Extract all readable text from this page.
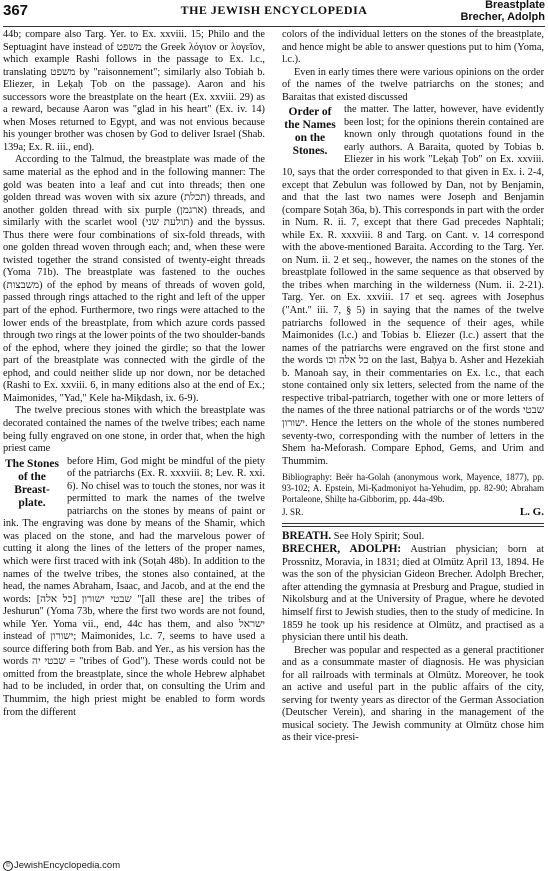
367	THE JEWISH ENCYCLOPEDIA	Breastplate
Brecher, Adolph

44b; compare also Targ. Yer. to Ex. xxviii. 15; Philo and the Septuagint have instead of משפט the Greek λόγιον or λογεῖον, which example Rashi follows in the passage to Ex. l.c., translating משפט by "raisonnement"; similarly also Tobiah b. Eliezer, in Leḳaḥ Ṭob on the passage). Aaron and his successors wore the breastplate on the heart (Ex. xxviii. 29) as a reward, because Aaron was "glad in his heart" (Ex. iv. 14) when Moses returned to Egypt, and was not envious because his younger brother was chosen by God to deliver Israel (Shab. 139a; Ex. R. iii., end).

According to the Talmud, the breastplate was made of the same material as the ephod and in the following manner: The gold was beaten into a leaf and cut into threads; then one golden thread was woven with six azure (תכלת) threads, and another golden thread with six purple (ארגמן) threads, and similarly with the scarlet wool (תולעת שני) and the byssus. Thus there were four combinations of six-fold threads, with one golden thread woven through each; and, when these were twisted together the strand consisted of twenty-eight threads (Yoma 71b). The breastplate was fastened to the ouches (משבצות) of the ephod by means of threads of woven gold, passed through rings attached to the right and left of the upper part of the ephod. Furthermore, two rings were attached to the lower ends of the breastplate, from which azure cords passed through two rings at the lower points of the two shoulder-bands of the ephod, where they joined the girdle; so that the lower part of the breastplate was connected with the girdle of the ephod, and could neither slide up nor down, nor be detached (Rashi to Ex. xxviii. 6, in many editions also at the end of Ex.; Maimonides, "Yad," Kele ha-Miḳdash, ix. 6-9).

The twelve precious stones with which the breastplate was decorated contained the names of the twelve tribes; each name being fully engraved on one stone, in order that, when the high priest came

The Stones of the Breast-plate.

before Him, God might be mindful of the piety of the patriarchs (Ex. R. xxxviii. 8; Lev. R. xxi. 6). No chisel was to touch the stones, nor was it permitted to mark the names of the twelve patriarchs on the stones by means of paint or ink. The engraving was done by means of the Shamir, which was placed on the stone, and had the marvelous power of cutting it along the lines of the letters of the proper names, which were first traced with ink (Soṭah 48b). In addition to the names of the twelve tribes, the stones also contained, at the head, the names Abraham, Isaac, and Jacob, and at the end the words: שבטי ישורון [כל אלה] "[all these are] the tribes of Jeshurun" (Yoma 73b, where the first two words are not found, while Yer. Yoma vii., end, 44c has them, and also ישראל instead of ישורון; Maimonides, l.c. 7, seems to have used a source differing both from Bab. and Yer., as his version has the words שבטי יה = "tribes of God"). These words could not be omitted from the breastplate, since the whole Hebrew alphabet had to be included, in order that, on consulting the Urim and Thummim, the high priest might be enabled to form words from the different

colors of the individual letters on the stones of the breastplate, and hence might be able to answer questions put to him (Yoma, l.c.).

Even in early times there were various opinions on the order of the names of the twelve patriarchs on the stones; and Baraitas that existed discussed

Order of the Names on the Stones.

the matter. The latter, however, have evidently been lost; for the opinions therein contained are known only through quotations found in the early authors. A Baraita, quoted by Tobias b. Eliezer in his work "Leḳaḥ Ṭob" on Ex. xxviii. 10, says that the order corresponded to that given in Ex. i. 2-4, except that Zebulun was followed by Dan, not by Benjamin, and that the last two names were Joseph and Benjamin (compare Soṭah 36a, b). This corresponds in part with the order in Num. R. ii. 7, except that there Gad precedes Naphtali; while Ex. R. xxxviii. 8 and Targ. on Cant. v. 14 correspond with the above-mentioned Baraita. According to the Targ. Yer. on Num. ii. 2 et seq., however, the names on the stones of the breastplate followed in the same sequence as that observed by the tribes when marching in the wilderness (Num. ii. 2-21). Targ. Yer. on Ex. xxviii. 17 et seq. agrees with Josephus ("Ant." iii. 7, § 5) in saying that the names of the twelve patriarchs followed in the sequence of their ages, while Maimonides (l.c.) and Tobias b. Eliezer (l.c.) assert that the names of the patriarchs were engraved on the first stone and the words כל אלה וכו on the last, Baḥya b. Asher and Hezekiah b. Manoah say, in their commentaries on Ex. l.c., that each stone contained only six letters, selected from the name of the respective tribal-patriarch, together with one or more letters of the names of the three national patriarchs or of the words שבטי ישורון. Hence the letters on the whole of the stones numbered seventy-two, corresponding with the number of letters in the Shem ha-Meforash. Compare Ephod, Gems, and Urim and Thummim.

Bibliography: Beër ha-Golah (anonymous work, Mayence, 1877), pp. 93-102; A. Epstein, Mi-Ḳadmoniyot ha-Yehudim, pp. 82-90; Abraham Portaleone, Shilṭe ha-Gibborim, pp. 44a-49b.

J. SR.	L. G.

BREATH. See Holy Spirit; Soul.

BRECHER, ADOLPH: Austrian physician; born at Prossnitz, Moravia, in 1831; died at Olmütz April 13, 1894. He was the son of the physician Gideon Brecher. Adolph Brecher, after attending the gymnasia at Presburg and Prague, studied in Nikolsburg and at the University of Prague, where he devoted himself first to Jewish studies, then to the study of medicine. In 1859 he took up his residence at Olmütz, and practised as a physician there until his death.

Brecher was popular and respected as a general practitioner and as a consummate master of diagnosis. He was physician for all railroads with terminals at Olmütz. Moreover, he took an active and useful part in the public affairs of the city, serving for twenty years as director of the German Association (Deutscher Verein), and sharing in the management of the musical society. The Jewish community at Olmütz chose him as their vice-presi-

© JewishEncyclopedia.com
